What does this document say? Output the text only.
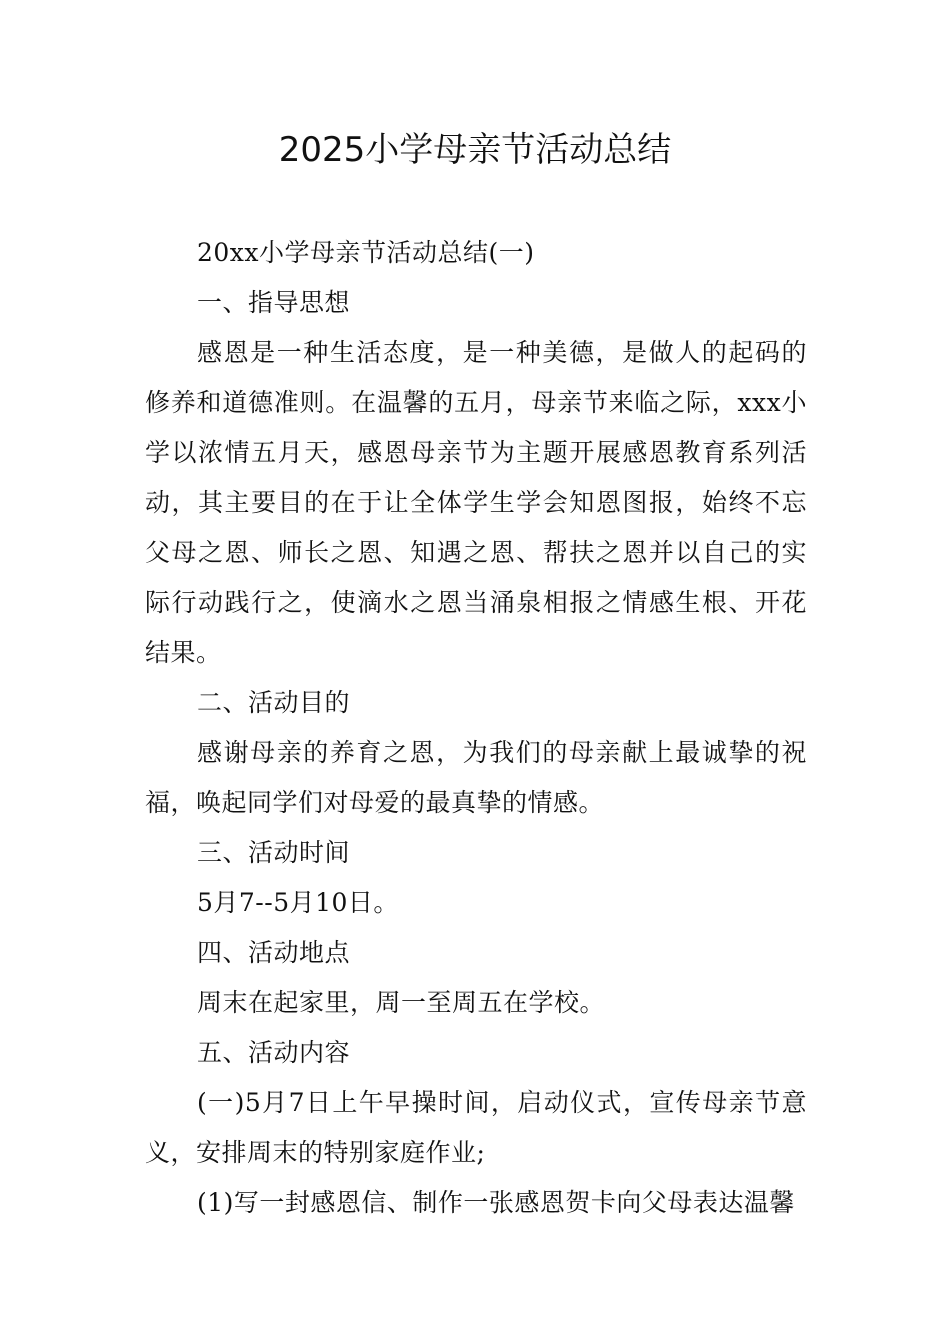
2025小学母亲节活动总结

20xx小学母亲节活动总结(一)

一、指导思想

感恩是一种生活态度，是一种美德，是做人的起码的修养和道德准则。在温馨的五月，母亲节来临之际，xxx小学以浓情五月天，感恩母亲节为主题开展感恩教育系列活动，其主要目的在于让全体学生学会知恩图报，始终不忘父母之恩、师长之恩、知遇之恩、帮扶之恩并以自己的实际行动践行之，使滴水之恩当涌泉相报之情感生根、开花结果。

二、活动目的

感谢母亲的养育之恩，为我们的母亲献上最诚挚的祝福，唤起同学们对母爱的最真挚的情感。

三、活动时间

5月7--5月10日。

四、活动地点

周末在起家里，周一至周五在学校。

五、活动内容

(一)5月7日上午早操时间，启动仪式，宣传母亲节意义，安排周末的特别家庭作业;

(1)写一封感恩信、制作一张感恩贺卡向父母表达温馨
